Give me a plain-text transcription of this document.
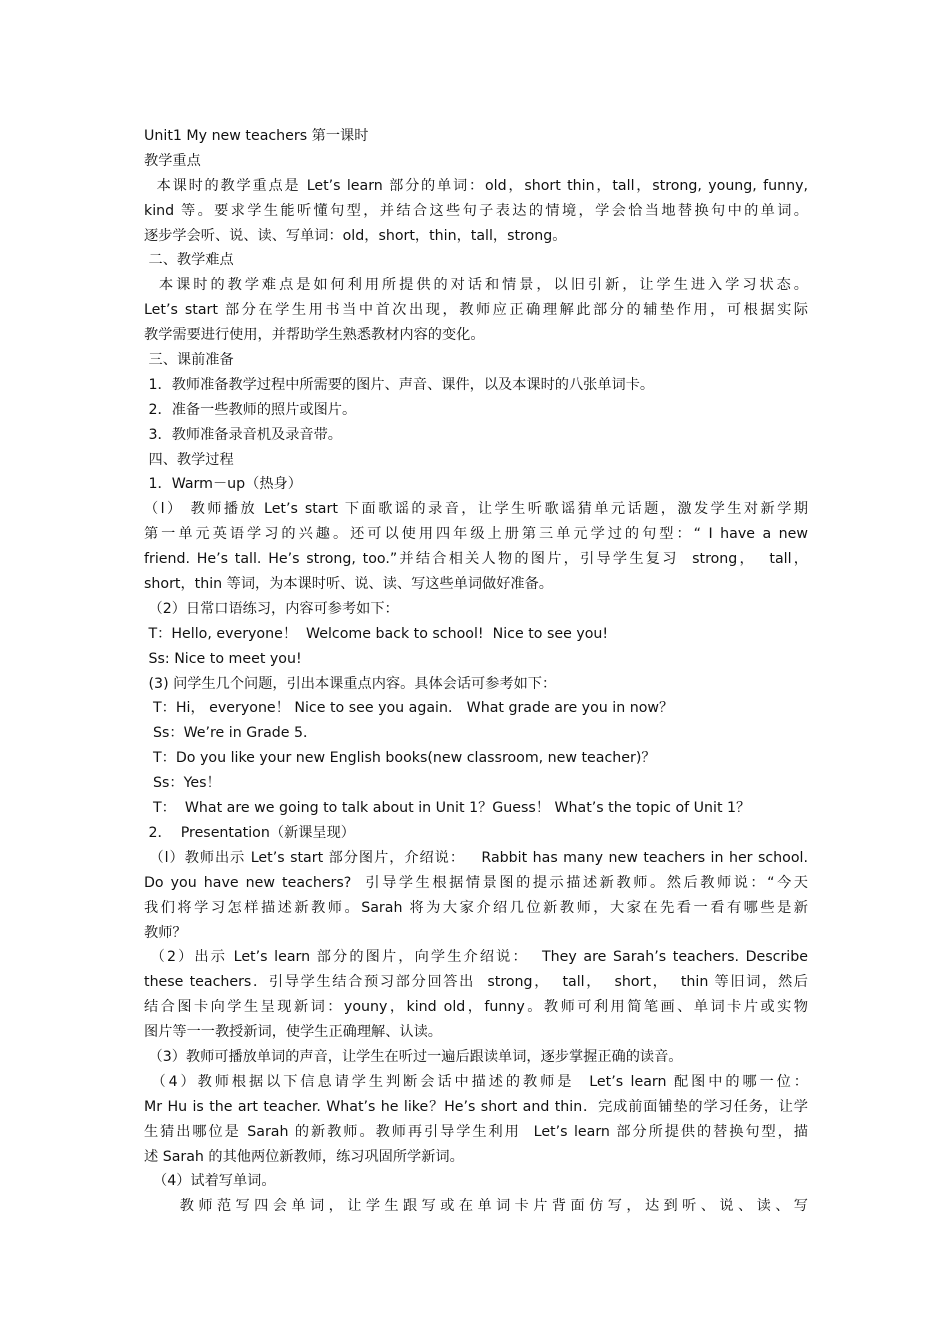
Unit1 My new teachers 第一课时
教学重点
本课时的教学重点是 Let’s learn 部分的单词：old，short thin，tall，strong, young, funny,
kind 等。要求学生能听懂句型，并结合这些句子表达的情境，学会恰当地替换句中的单词。
逐步学会听、说、读、写单词：old，short，thin，tall，strong。
二、教学难点
本课时的教学难点是如何利用所提供的对话和情景，以旧引新，让学生进入学习状态。
Let’s start 部分在学生用书当中首次出现，教师应正确理解此部分的辅垫作用，可根据实际
教学需要进行使用，并帮助学生熟悉教材内容的变化。
三、课前准备
1．教师准备教学过程中所需要的图片、声音、课件，以及本课时的八张单词卡。
2．准备一些教师的照片或图片。
3．教师准备录音机及录音带。
四、教学过程
1．Warm－up（热身）
（l） 教师播放 Let’s start 下面歌谣的录音，让学生听歌谣猜单元话题，激发学生对新学期
第一单元英语学习的兴趣。还可以使用四年级上册第三单元学过的句型：“ I have a new
friend. He’s tall. He’s strong, too.”并结合相关人物的图片，引导学生复习  strong，  tall，
short，thin 等词，为本课时听、说、读、写这些单词做好准备。
（2）日常口语练习，内容可参考如下：
T：Hello, everyone！  Welcome back to school!  Nice to see you!
Ss: Nice to meet you!
(3) 问学生几个问题，引出本课重点内容。具体会话可参考如下：
T：Hi， everyone！ Nice to see you again． What grade are you in now？
Ss：We’re in Grade 5．
T：Do you like your new English books(new classroom, new teacher)？
Ss：Yes！
T：  What are we going to talk about in Unit 1？Guess！ What’s the topic of Unit 1？
2．  Presentation（新课呈现）
（l）教师出示 Let’s start 部分图片，介绍说：   Rabbit has many new teachers in her school.
Do you have new teachers?  引导学生根据情景图的提示描述新教师。然后教师说：“今天
我们将学习怎样描述新教师。Sarah 将为大家介绍几位新教师，大家在先看一看有哪些是新
教师？
（2）出示 Let’s learn 部分的图片，向学生介绍说：  They are Sarah’s teachers. Describe
these teachers．引导学生结合预习部分回答出  strong，  tall，  short，  thin 等旧词，然后
结合图卡向学生呈现新词：youny，kind old，funny。教师可利用简笔画、单词卡片或实物
图片等一一教授新词，使学生正确理解、认读。
（3）教师可播放单词的声音，让学生在听过一遍后跟读单词，逐步掌握正确的读音。
（4）教师根据以下信息请学生判断会话中描述的教师是  Let’s learn 配图中的哪一位：
Mr Hu is the art teacher. What’s he like？He’s short and thin．完成前面铺垫的学习任务，让学
生猜出哪位是 Sarah 的新教师。教师再引导学生利用  Let’s learn 部分所提供的替换句型，描
述 Sarah 的其他两位新教师，练习巩固所学新词。
（4）试着写单词。
教师范写四会单词，让学生跟写或在单词卡片背面仿写，达到听、说、读、写
